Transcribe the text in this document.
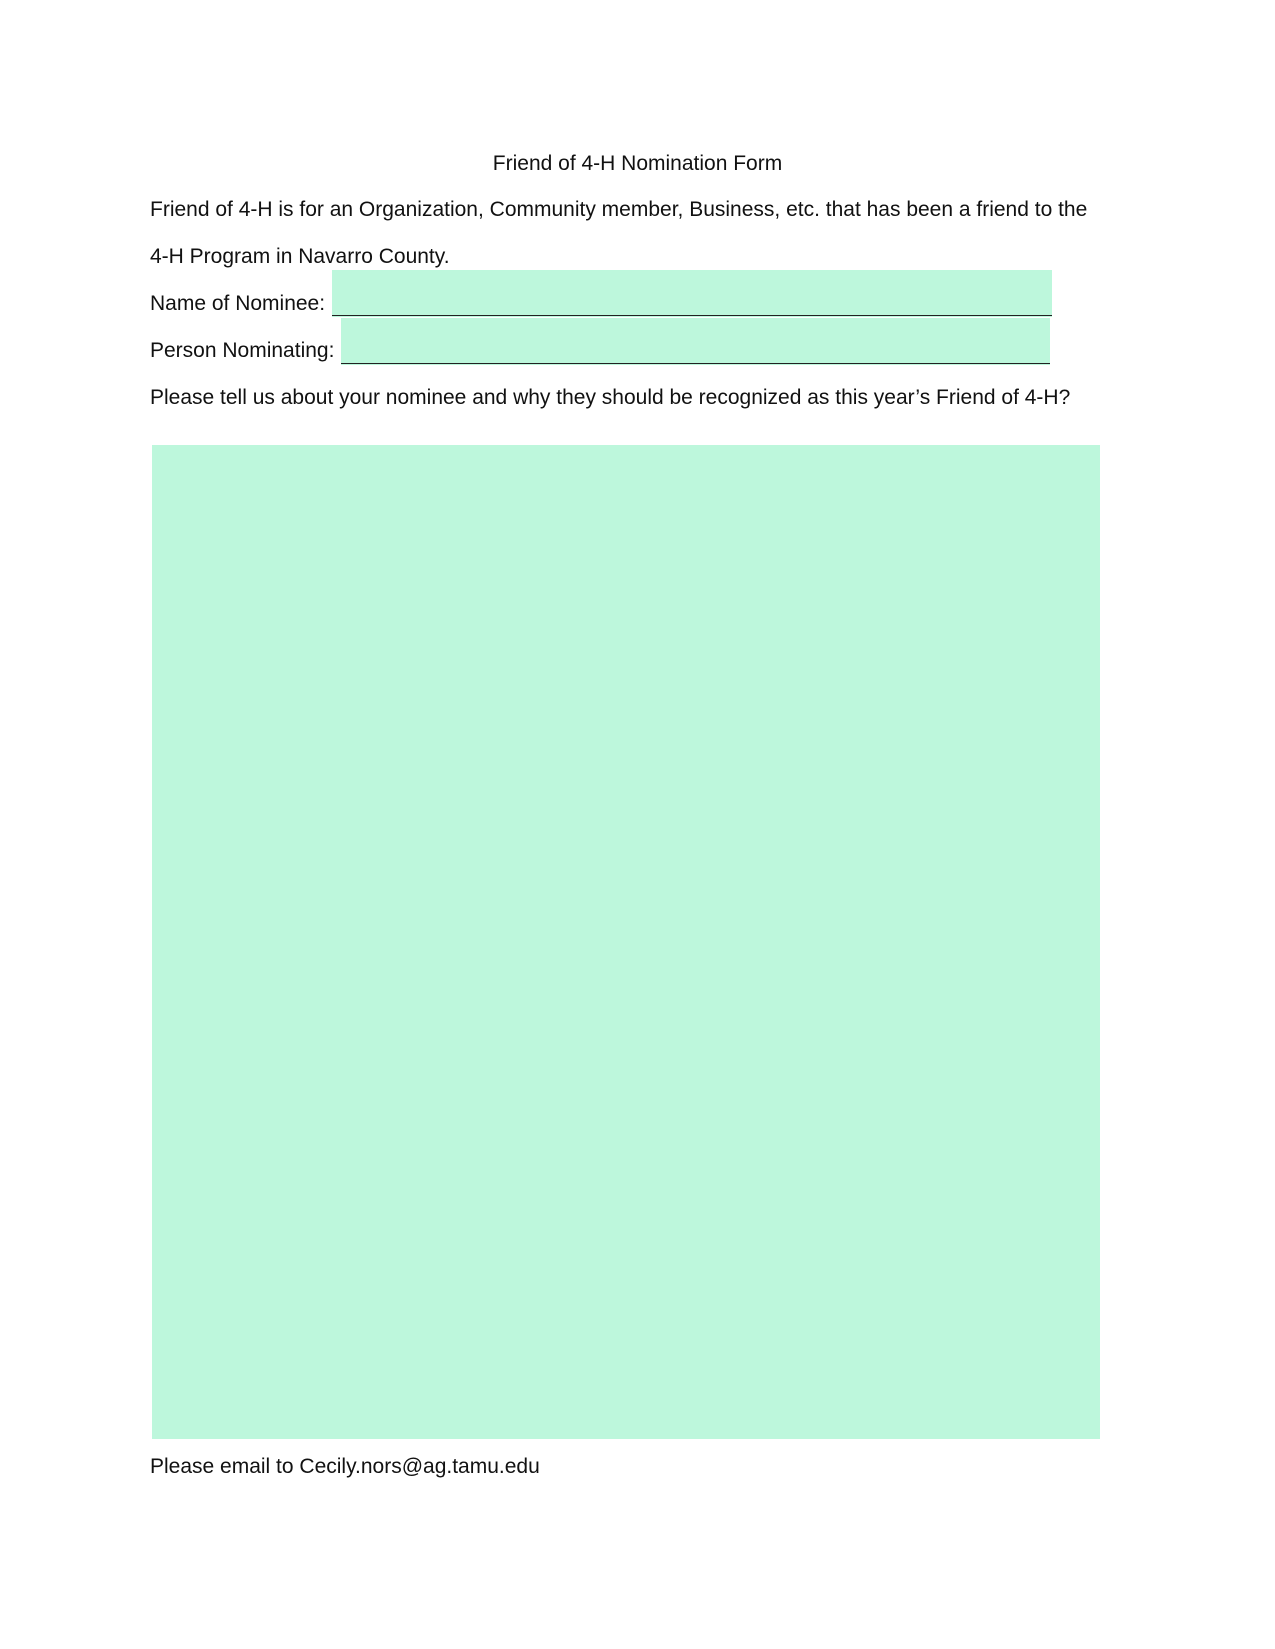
Friend of 4-H Nomination Form
Friend of 4-H is for an Organization, Community member, Business, etc. that has been a friend to the
4-H Program in Navarro County.
Name of Nominee:
Person Nominating:
Please tell us about your nominee and why they should be recognized as this year’s Friend of 4-H?
Please email to Cecily.nors@ag.tamu.edu
